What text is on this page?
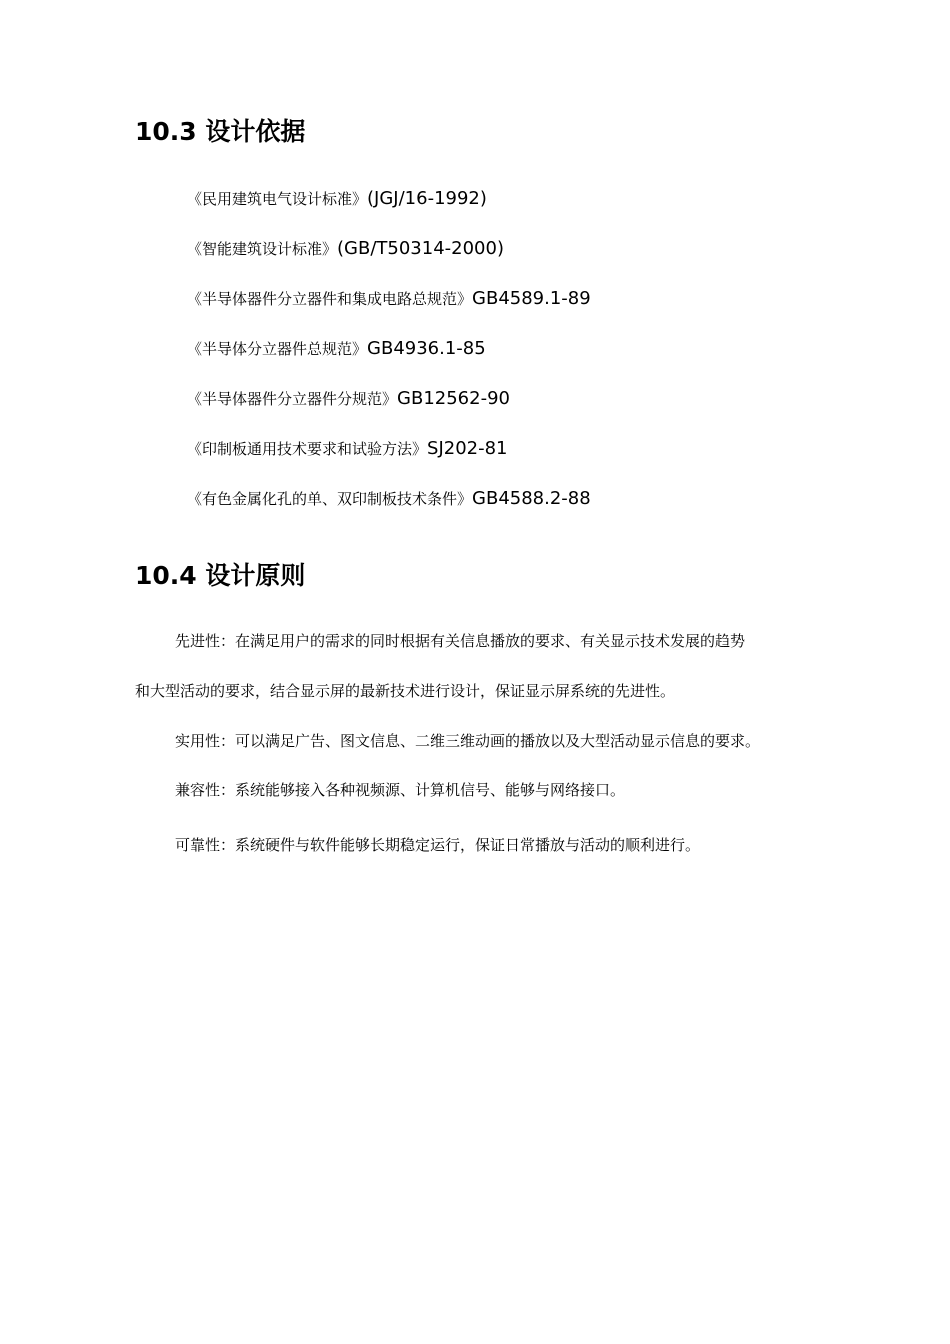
10.3 设计依据
《民用建筑电气设计标准》(JGJ/16-1992)
《智能建筑设计标准》(GB/T50314-2000)
《半导体器件分立器件和集成电路总规范》GB4589.1-89
《半导体分立器件总规范》GB4936.1-85
《半导体器件分立器件分规范》GB12562-90
《印制板通用技术要求和试验方法》SJ202-81
《有色金属化孔的单、双印制板技术条件》GB4588.2-88
10.4 设计原则

先进性：在满足用户的需求的同时根据有关信息播放的要求、有关显示技术发展的趋势

和大型活动的要求，结合显示屏的最新技术进行设计，保证显示屏系统的先进性。

实用性：可以满足广告、图文信息、二维三维动画的播放以及大型活动显示信息的要求。

兼容性：系统能够接入各种视频源、计算机信号、能够与网络接口。

可靠性：系统硬件与软件能够长期稳定运行，保证日常播放与活动的顺利进行。
